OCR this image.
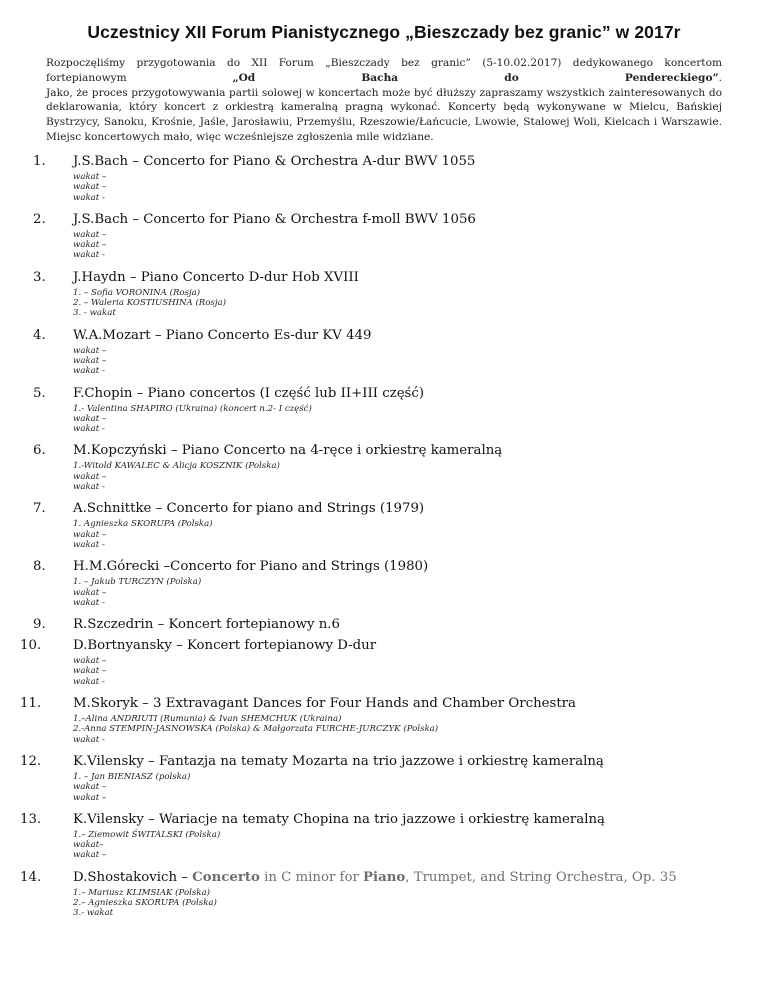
Uczestnicy XII Forum Pianistycznego „Bieszczady bez granic” w 2017r

Rozpoczęliśmy przygotowania do XII Forum „Bieszczady bez granic” (5-10.02.2017) dedykowanego koncertom fortepianowym „Od Bacha do Pendereckiego”.

Jako, że proces przygotowywania partii solowej w koncertach może być dłuższy zapraszamy wszystkich zainteresowanych do deklarowania, który koncert z orkiestrą kameralną pragną wykonać. Koncerty będą wykonywane w Mielcu, Bańskiej Bystrzycy, Sanoku, Krośnie, Jaśle, Jarosławiu, Przemyślu, Rzeszowie/Łańcucie, Lwowie, Stalowej Woli, Kielcach i Warszawie. Miejsc koncertowych mało, więc wcześniejsze zgłoszenia mile widziane.

1.	J.S.Bach – Concerto for Piano & Orchestra A-dur BWV 1055
wakat –
wakat –
wakat -
2.	J.S.Bach – Concerto for Piano & Orchestra f-moll BWV 1056
wakat –
wakat –
wakat -
3.	J.Haydn – Piano Concerto D-dur Hob XVIII
1. – Sofia VORONINA (Rosja)
2. – Waleria KOSTIUSHINA (Rosja)
3. - wakat
4.	W.A.Mozart – Piano Concerto Es-dur KV 449
wakat –
wakat –
wakat -
5.	F.Chopin – Piano concertos (I część lub II+III część)
1.- Valentina SHAPIRO (Ukraina) (koncert n.2- I część)
wakat –
wakat -
6.	M.Kopczyński – Piano Concerto na 4-ręce i orkiestrę kameralną
1.-Witold KAWALEC & Alicja KOSZNIK (Polska)
wakat –
wakat -
7.	A.Schnittke – Concerto for piano and Strings (1979)
1. Agnieszka SKORUPA (Polska)
wakat –
wakat -
8.	H.M.Górecki –Concerto for Piano and Strings (1980)
1. – Jakub TURCZYN (Polska)
wakat –
wakat -
9.	R.Szczedrin – Koncert fortepianowy n.6
10.	D.Bortnyansky – Koncert fortepianowy D-dur
wakat –
wakat –
wakat -
11.	M.Skoryk – 3 Extravagant Dances for Four Hands and Chamber Orchestra
1.–Alina ANDRIUTI (Rumunia) & Ivan SHEMCHUK (Ukraina)
2.-Anna STEMPIN-JASNOWSKA (Polska) & Małgorzata FURCHE-JURCZYK (Polska)
wakat -
12.	K.Vilensky – Fantazja na tematy Mozarta na trio jazzowe i orkiestrę kameralną
1. – Jan BIENIASZ (polska)
wakat –
wakat –
13.	K.Vilensky – Wariacje na tematy Chopina na trio jazzowe i orkiestrę kameralną
1.– Ziemowit ŚWITALSKI (Polska)
wakat–
wakat –
14.	D.Shostakovich – Concerto in C minor for Piano, Trumpet, and String Orchestra, Op. 35
1.– Mariusz KLIMSIAK (Polska)
2.– Agnieszka SKORUPA (Polska)
3.- wakat
